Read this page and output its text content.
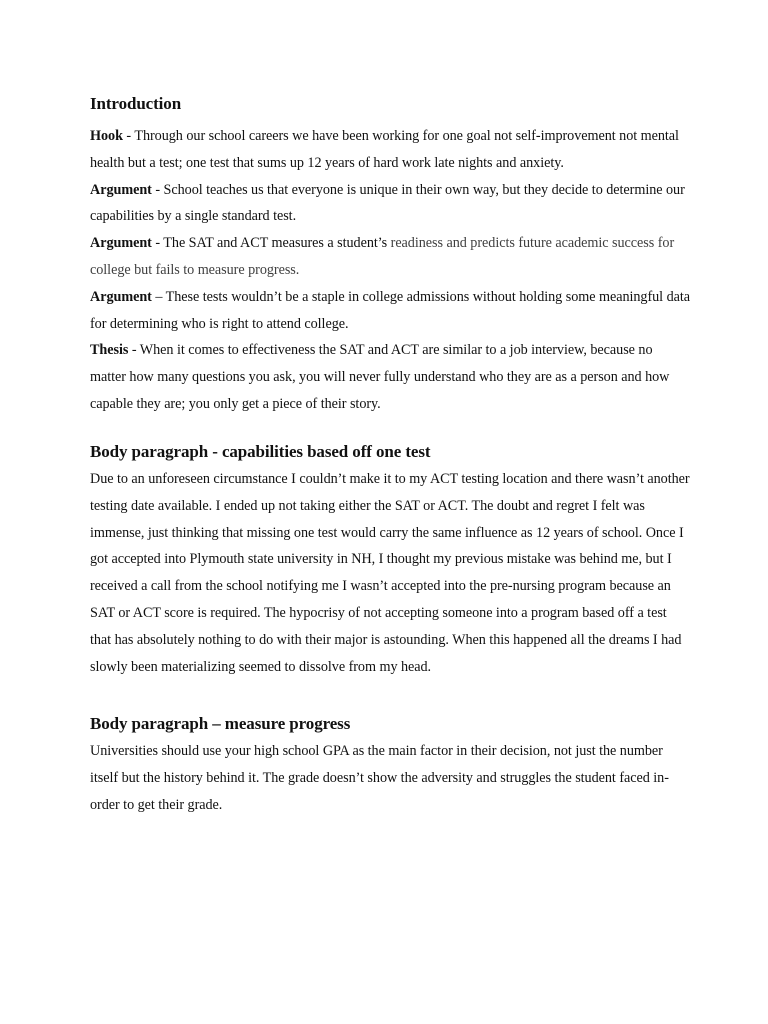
Introduction

Hook - Through our school careers we have been working for one goal not self-improvement not mental health but a test; one test that sums up 12 years of hard work late nights and anxiety.

Argument - School teaches us that everyone is unique in their own way, but they decide to determine our capabilities by a single standard test.

Argument - The SAT and ACT measures a student’s readiness and predicts future academic success for college but fails to measure progress.

Argument – These tests wouldn’t be a staple in college admissions without holding some meaningful data for determining who is right to attend college.

Thesis - When it comes to effectiveness the SAT and ACT are similar to a job interview, because no matter how many questions you ask, you will never fully understand who they are as a person and how capable they are; you only get a piece of their story.

Body paragraph - capabilities based off one test

Due to an unforeseen circumstance I couldn’t make it to my ACT testing location and there wasn’t another testing date available. I ended up not taking either the SAT or ACT. The doubt and regret I felt was immense, just thinking that missing one test would carry the same influence as 12 years of school. Once I got accepted into Plymouth state university in NH, I thought my previous mistake was behind me, but I received a call from the school notifying me I wasn’t accepted into the pre-nursing program because an SAT or ACT score is required. The hypocrisy of not accepting someone into a program based off a test that has absolutely nothing to do with their major is astounding. When this happened all the dreams I had slowly been materializing seemed to dissolve from my head.

Body paragraph – measure progress

Universities should use your high school GPA as the main factor in their decision, not just the number itself but the history behind it. The grade doesn’t show the adversity and struggles the student faced in-order to get their grade.
